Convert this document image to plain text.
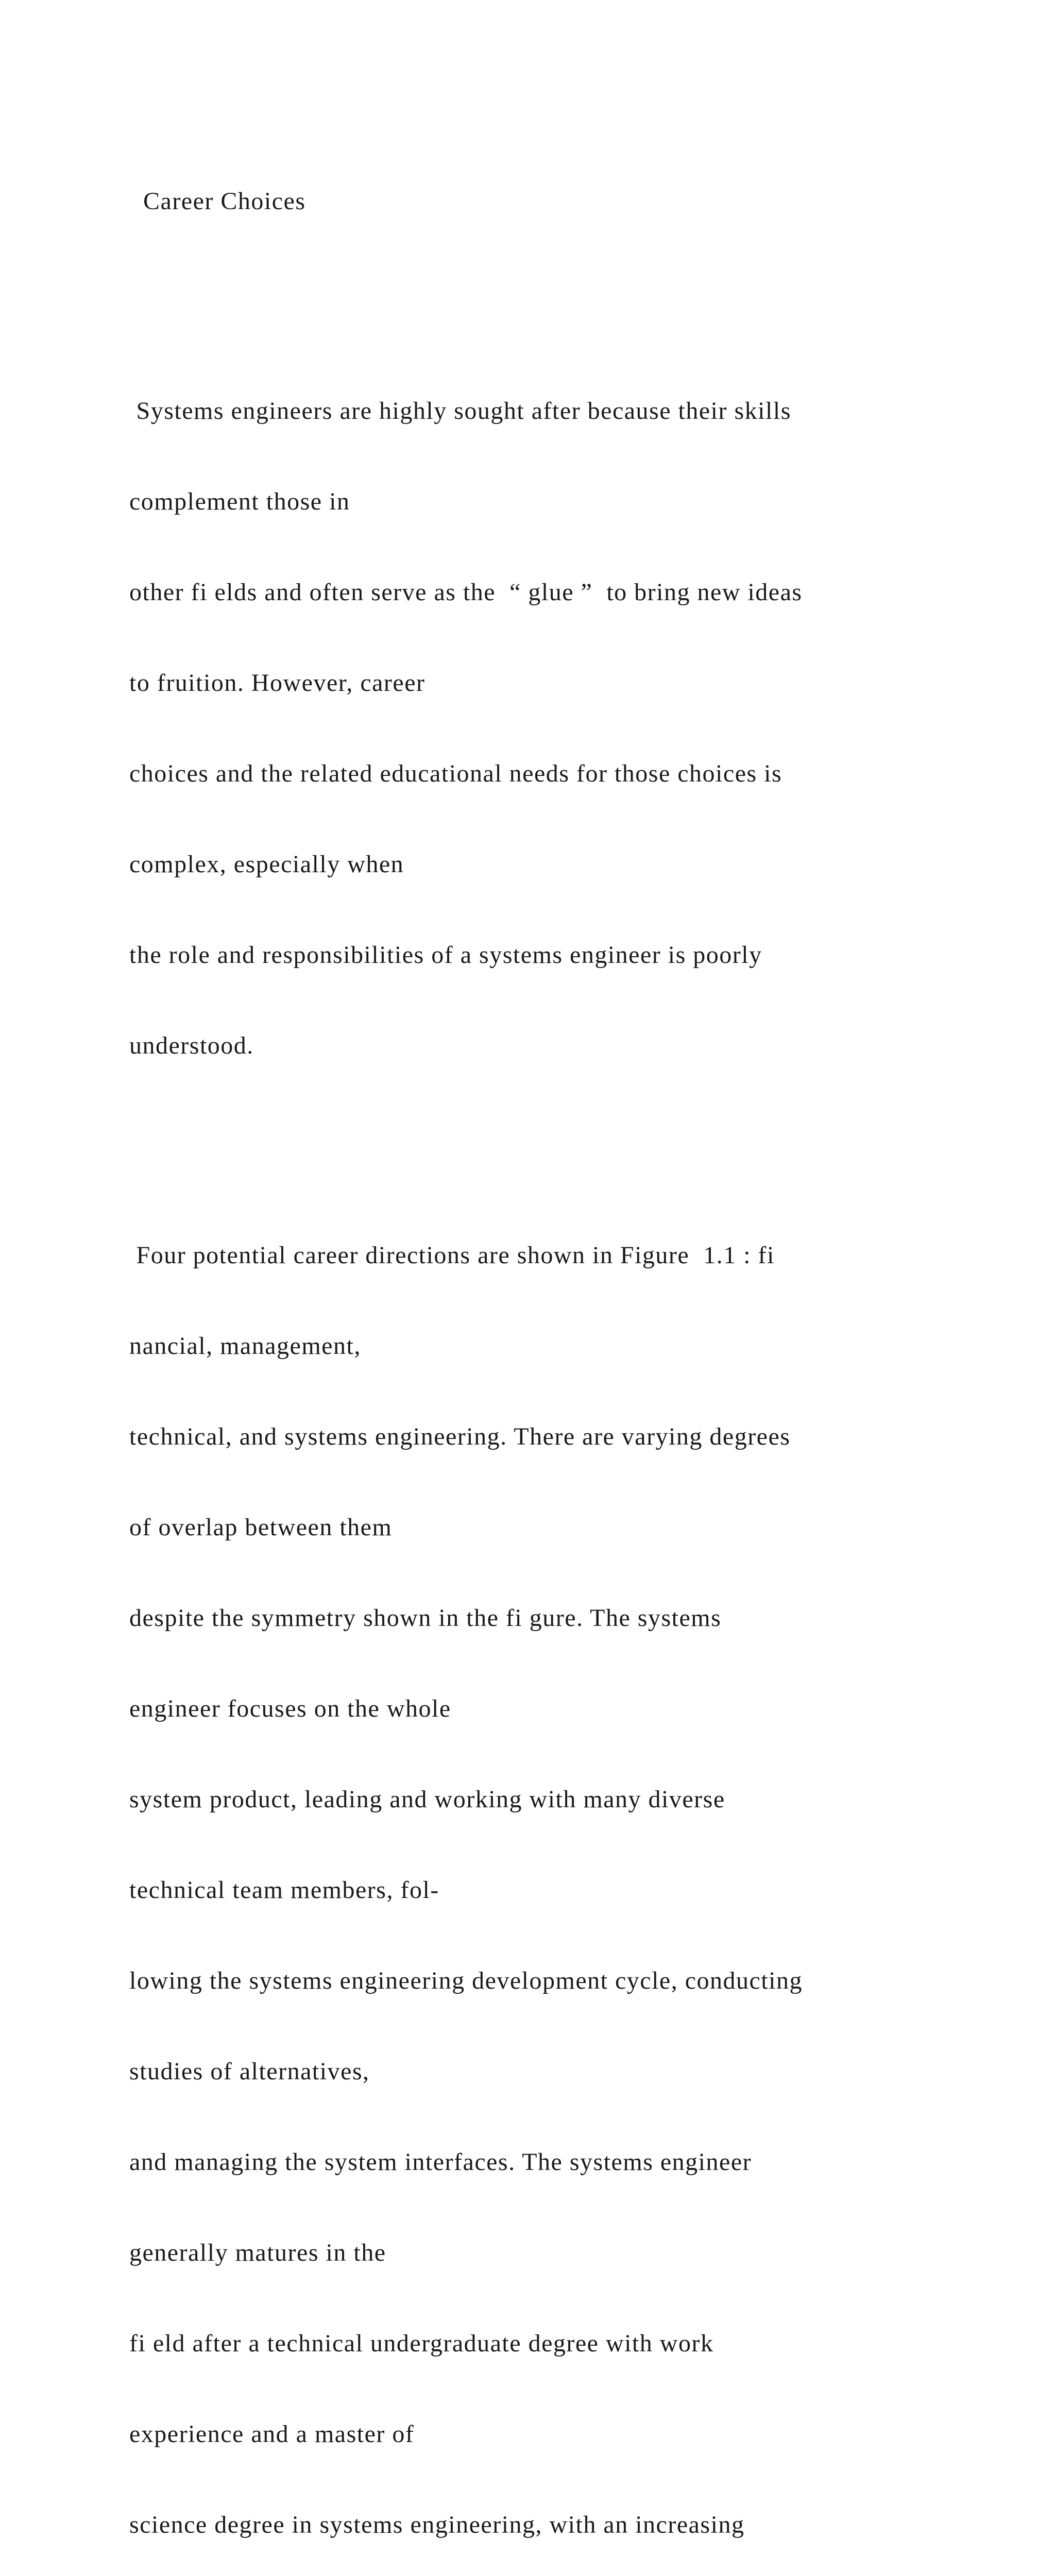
Career Choices

Systems engineers are highly sought after because their skills

complement those in

other fi elds and often serve as the  “ glue ”  to bring new ideas

to fruition. However, career

choices and the related educational needs for those choices is

complex, especially when

the role and responsibilities of a systems engineer is poorly

understood.

Four potential career directions are shown in Figure  1.1 : fi

nancial, management,

technical, and systems engineering. There are varying degrees

of overlap between them

despite the symmetry shown in the fi gure. The systems

engineer focuses on the whole

system product, leading and working with many diverse

technical team members, fol-

lowing the systems engineering development cycle, conducting

studies of alternatives,

and managing the system interfaces. The systems engineer

generally matures in the

fi eld after a technical undergraduate degree with work

experience and a master of

science degree in systems engineering, with an increasing
